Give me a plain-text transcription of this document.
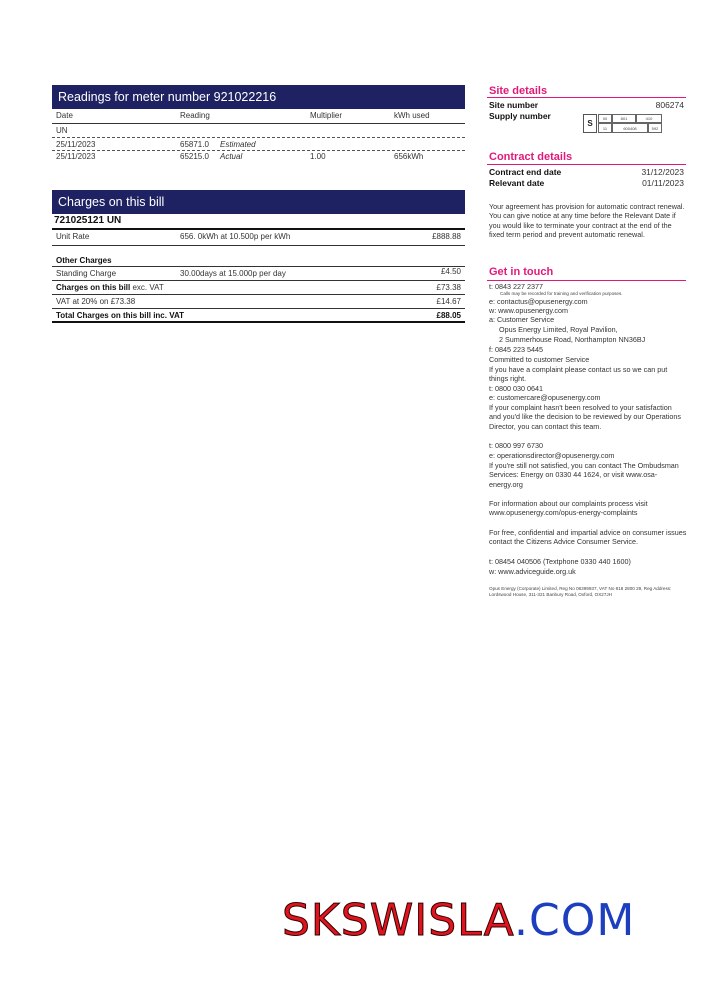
Readings for meter number 921022216
Date	Reading	Multiplier	kWh used
UN
25/11/2023	65871.0 Estimated
25/11/2023	65215.0 Actual	1.00	656kWh
Charges on this bill
721025121 UN
Unit Rate	656. 0kWh at 10.500p per kWh	£888.88
Other Charges
Standing Charge	30.00days at 15.000p per day	£4.50
Charges on this bill exc. VAT	£73.38
VAT at 20% on £73.38	£14.67
Total Charges on this bill inc. VAT	£88.05
Site details
Site number	806274
Supply number
S
00	801	410
11	600408	592
Contract details
Contract end date	31/12/2023
Relevant date	01/11/2023
Your agreement has provision for automatic contract renewal. You can give notice at any time before the Relevant Date if you would like to terminate your contract at the end of the fixed term period and prevent automatic renewal.
Get in touch
t: 0843 227 2377
Calls may be recorded for training and verification purposes.
e: contactus@opusenergy.com
w: www.opusenergy.com
a: Customer Service
Opus Energy Limited, Royal Pavilion,
2 Summerhouse Road, Northampton NN36BJ
f: 0845 223 5445
Committed to customer Service
If you have a complaint please contact us so we can put things right.
t: 0800 030 0641
e: customercare@opusenergy.com
If your complaint hasn't been resolved to your satisfaction and you'd like the decision to be reviewed by our Operations Director, you can contact this team.
t: 0800 997 6730
e: operationsdirector@opusenergy.com
If you're still not satisfied, you can contact The Ombudsman Services: Energy on 0330 44 1624, or visit www.osa-energy.org
For information about our complaints process visit www.opusenergy.com/opus-energy-complaints
For free, confidential and impartial advice on consumer issues contact the Citizens Advice Consumer Service.
t: 08454 040506 (Textphone 0330 440 1600)
w: www.adviceguide.org.uk
Opus Energy (Corporate) Limited, Reg No 06399937, VAT No 818 2800 29, Reg Address: Lordswood House, 311-321 Banbury Road, Oxford, OX27JH
SKSWISLA.COM
